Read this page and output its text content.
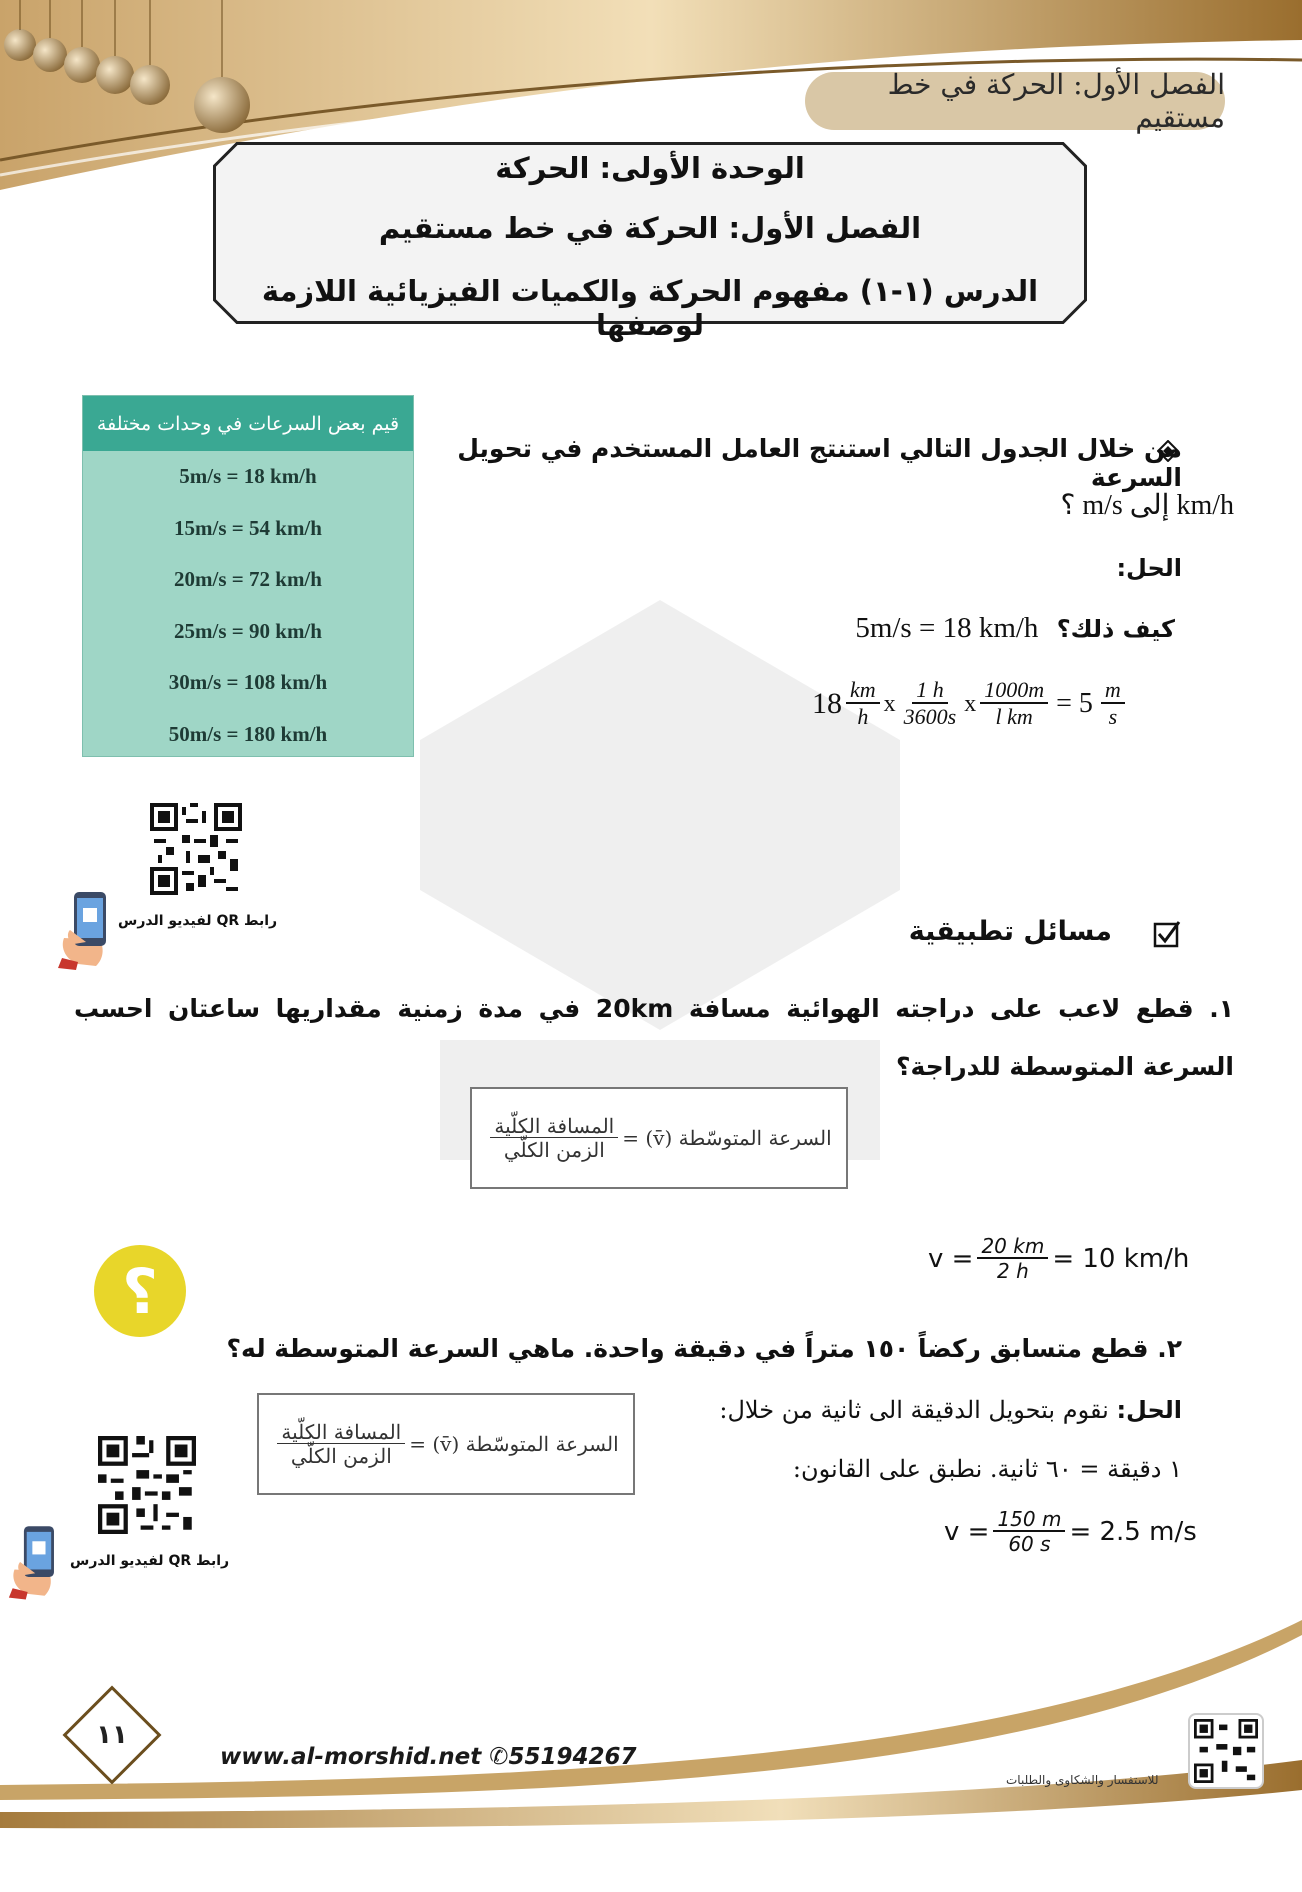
الفصل الأول: الحركة في خط مستقيم
الوحدة الأولى: الحركة
الفصل الأول: الحركة في خط مستقيم
الدرس (١-١) مفهوم الحركة والكميات الفيزيائية اللازمة لوصفها
قيم بعض السرعات في وحدات مختلفة
5m/s = 18 km/h
15m/s = 54 km/h
20m/s = 72 km/h
25m/s = 90 km/h
30m/s = 108 km/h
50m/s = 180 km/h
من خلال الجدول التالي استنتج العامل المستخدم في تحويل السرعة
km/h إلى m/s ؟
الحل:
كيف ذلك؟ 5m/s = 18 km/h
$18 \frac{km}{h}$ x $\frac{1 h}{3600s}$ x $\frac{1000m}{\text{l km}} = 5 \frac{m}{s}$
رابط QR لفيديو الدرس	مسائل تطبيقية
١. قطع لاعب على دراجته الهوائية مسافة 20km في مدة زمنية مقداريها ساعتان احسب السرعة المتوسطة للدراجة؟
السرعة المتوسّطة (v̄) =
$\frac{\text{المسافة الكلّية}}{\text{الزمن الكلّي}}$
$v = \frac{20 km}{2 h} = 10$ km/h
؟
٢. قطع متسابق ركضاً ١٥٠ متراً في دقيقة واحدة. ماهي السرعة المتوسطة له؟
الحل: نقوم بتحويل الدقيقة الى ثانية من خلال:
١ دقيقة = ٦٠ ثانية. نطبق على القانون:
السرعة المتوسّطة (v̄) =
$\frac{\text{المسافة الكلّية}}{\text{الزمن الكلّي}}$
$v = \frac{150 m}{60 s} = 2.5$ m/s
رابط QR لفيديو الدرس
١١
www.al-morshid.net ✆55194267
للاستفسار والشكاوى والطلبات
